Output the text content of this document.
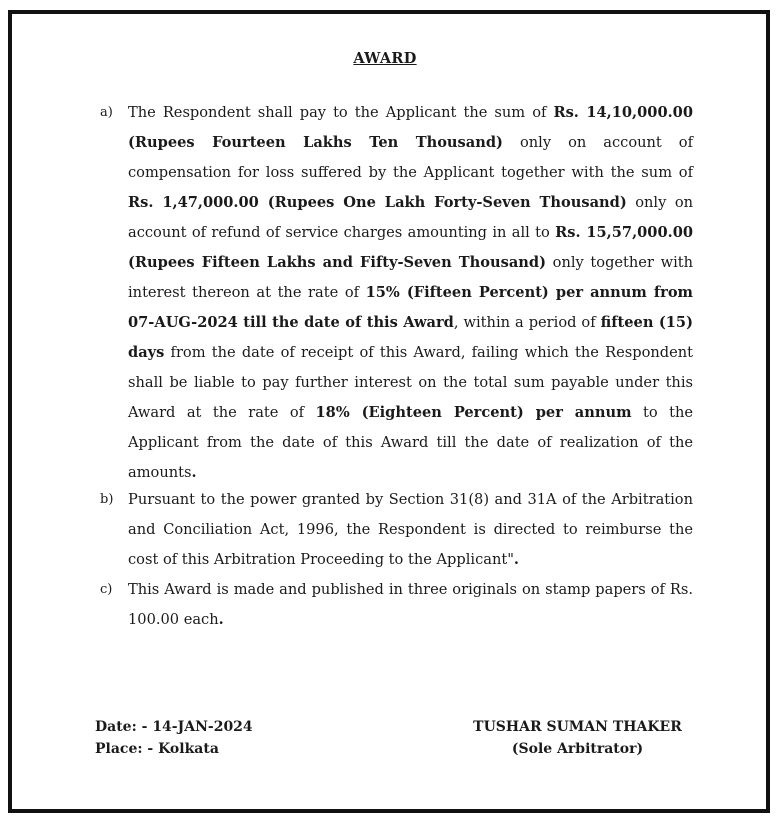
AWARD
a) The Respondent shall pay to the Applicant the sum of Rs. 14,10,000.00 (Rupees Fourteen Lakhs Ten Thousand) only on account of compensation for loss suffered by the Applicant together with the sum of Rs. 1,47,000.00 (Rupees One Lakh Forty-Seven Thousand) only on account of refund of service charges amounting in all to Rs. 15,57,000.00 (Rupees Fifteen Lakhs and Fifty-Seven Thousand) only together with interest thereon at the rate of 15% (Fifteen Percent) per annum from 07-AUG-2024 till the date of this Award, within a period of fifteen (15) days from the date of receipt of this Award, failing which the Respondent shall be liable to pay further interest on the total sum payable under this Award at the rate of 18% (Eighteen Percent) per annum to the Applicant from the date of this Award till the date of realization of the amounts.
b) Pursuant to the power granted by Section 31(8) and 31A of the Arbitration and Conciliation Act, 1996, the Respondent is directed to reimburse the cost of this Arbitration Proceeding to the Applicant".
c) This Award is made and published in three originals on stamp papers of Rs. 100.00 each.
Date: - 14-JAN-2024
Place: - Kolkata
TUSHAR SUMAN THAKER
(Sole Arbitrator)
